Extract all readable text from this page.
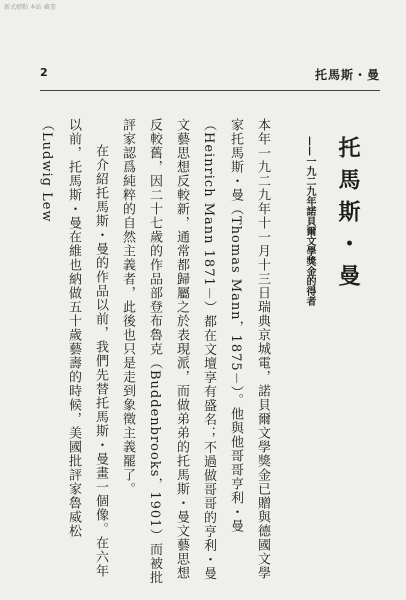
新式標點 本站 藏書
2	曼・斯馬托
托馬斯・曼
——一九二九年諾貝爾文學獎金的得者

本年一九二九年十一月十三日瑞典京城電，諾貝爾文學獎金已贈與德國文學家托馬斯・曼（Thomas Mann，1875－）。他與他哥哥亨利・曼（Heinrich Mann 1871－）都在文壇享有盛名；不過做哥哥的亨利・曼文藝思想反較新，通常都歸屬之於表現派，而做弟弟的托馬斯・曼文藝思想反較舊，因二十七歲的作品部登布魯克（Buddenbrooks，1901）而被批評家認爲純粹的自然主義者，此後也只是走到象徵主義罷了。

在介紹托馬斯・曼的作品以前，我們先替托馬斯・曼畫一個像。在六年以前，托馬斯・曼在維也納做五十歲藝壽的時候，美國批評家魯威松（Ludwig Lew
